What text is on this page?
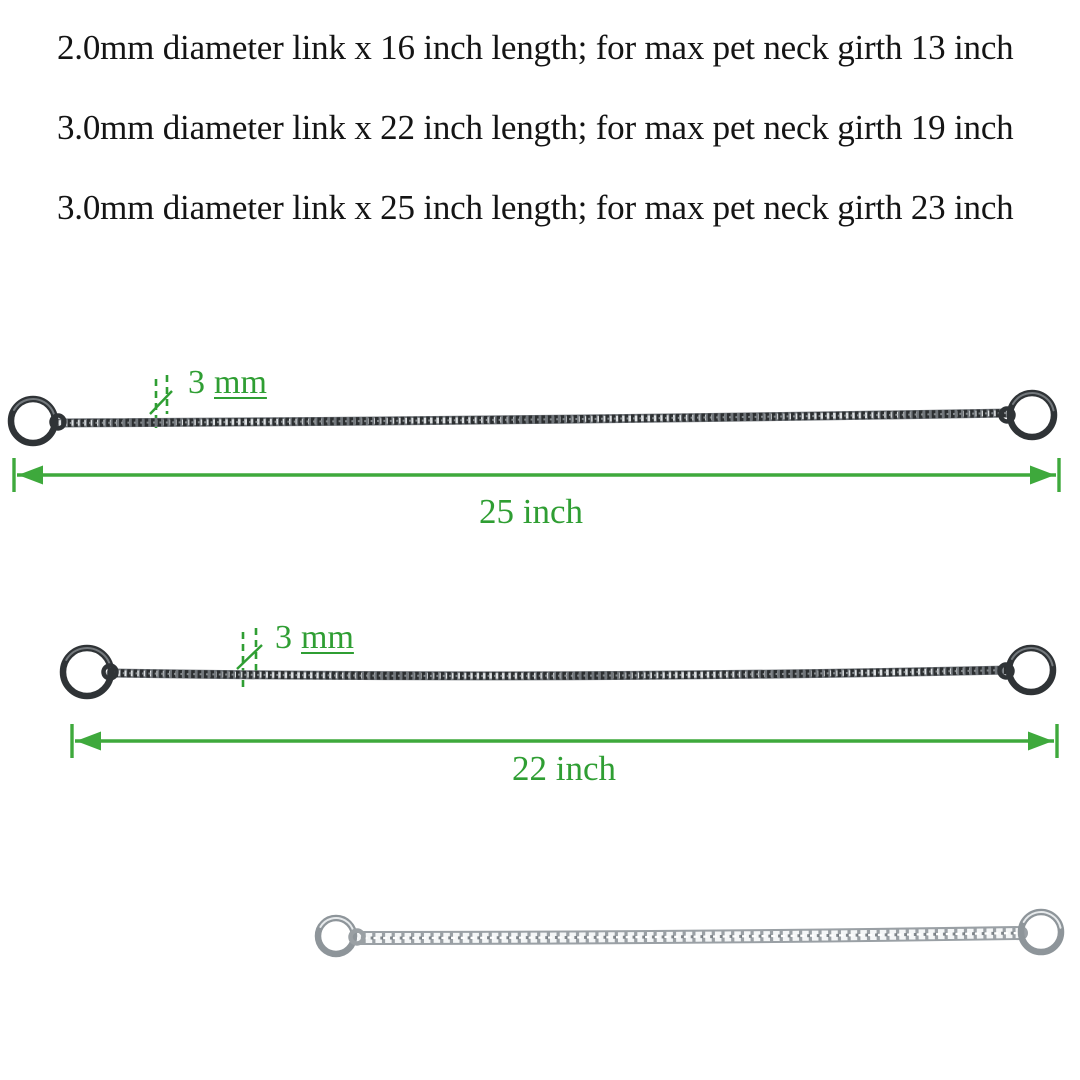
2.0mm diameter link x 16 inch length; for max pet neck girth 13 inch
3.0mm diameter link x 22 inch length; for max pet neck girth 19 inch
3.0mm diameter link x 25 inch length; for max pet neck girth 23 inch
3 mm
3 mm
25 inch
22 inch
